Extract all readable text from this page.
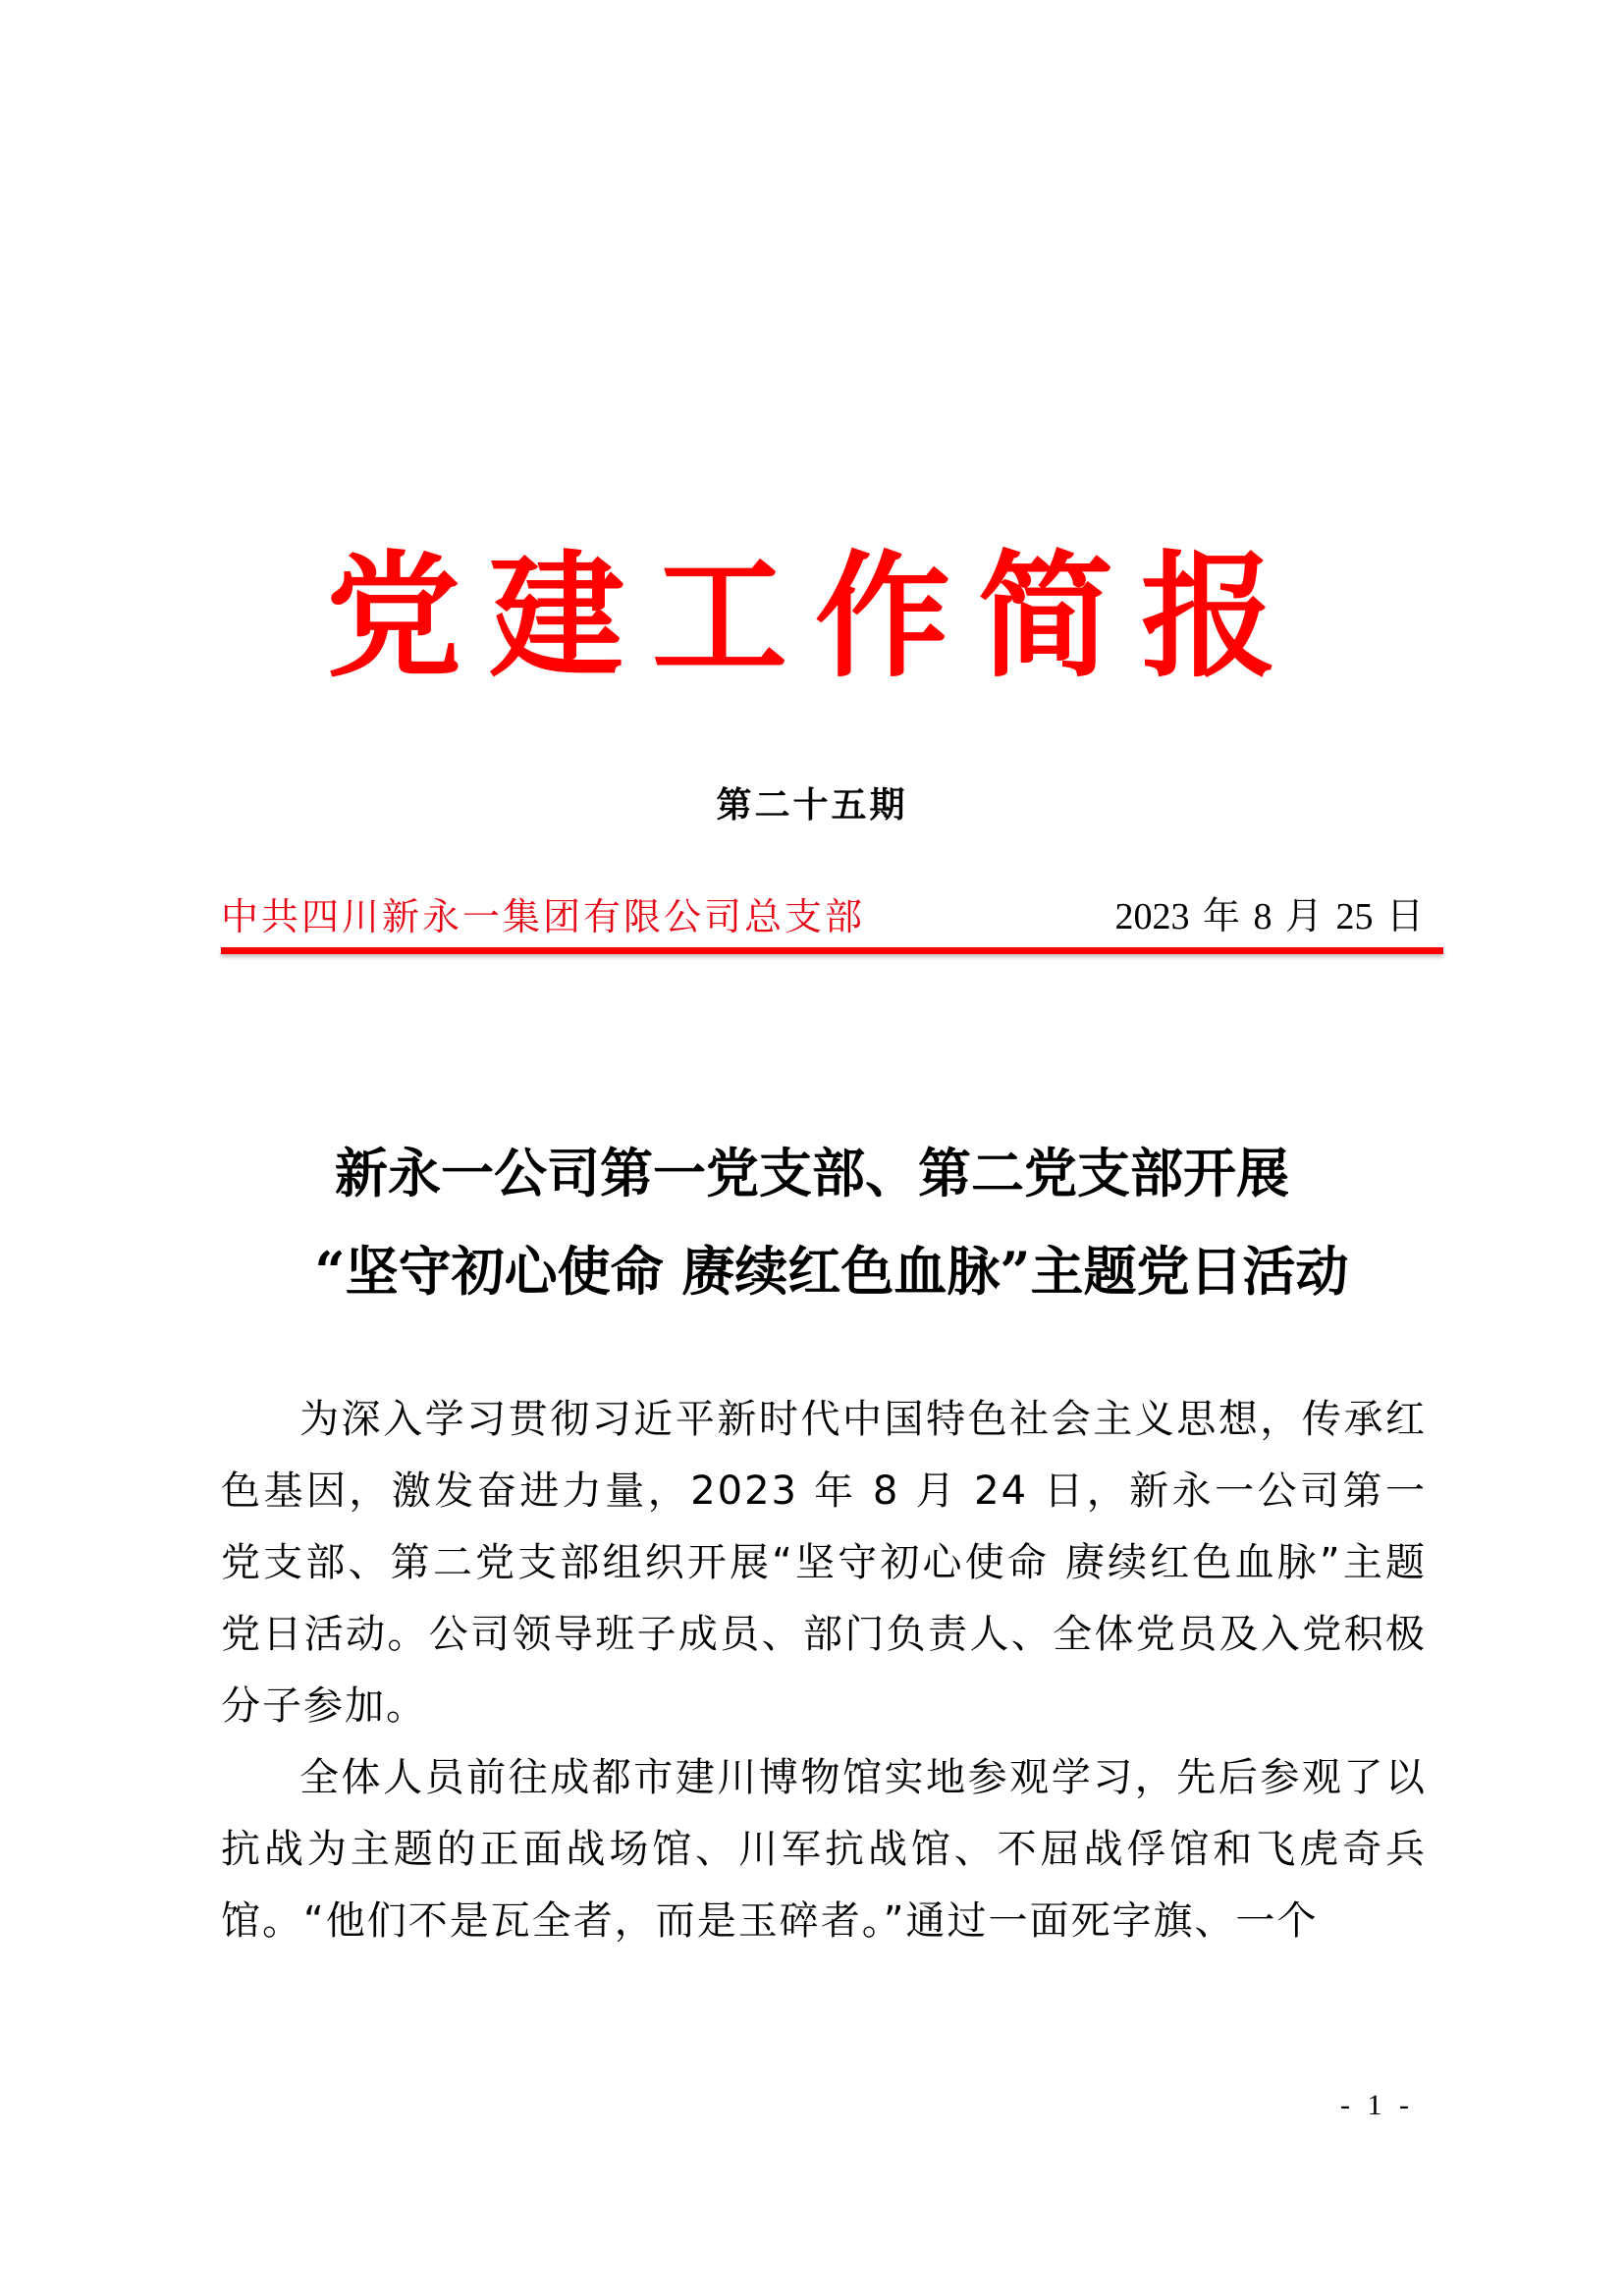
党建工作简报
第二十五期
中共四川新永一集团有限公司总支部	2023 年 8 月 25 日
新永一公司第一党支部、第二党支部开展
“坚守初心使命 赓续红色血脉”主题党日活动

为深入学习贯彻习近平新时代中国特色社会主义思想，传承红色基因，激发奋进力量，2023 年 8 月 24 日，新永一公司第一党支部、第二党支部组织开展“坚守初心使命 赓续红色血脉”主题党日活动。公司领导班子成员、部门负责人、全体党员及入党积极分子参加。

全体人员前往成都市建川博物馆实地参观学习，先后参观了以抗战为主题的正面战场馆、川军抗战馆、不屈战俘馆和飞虎奇兵馆。“他们不是瓦全者，而是玉碎者。”通过一面死字旗、一个

- 1 -
